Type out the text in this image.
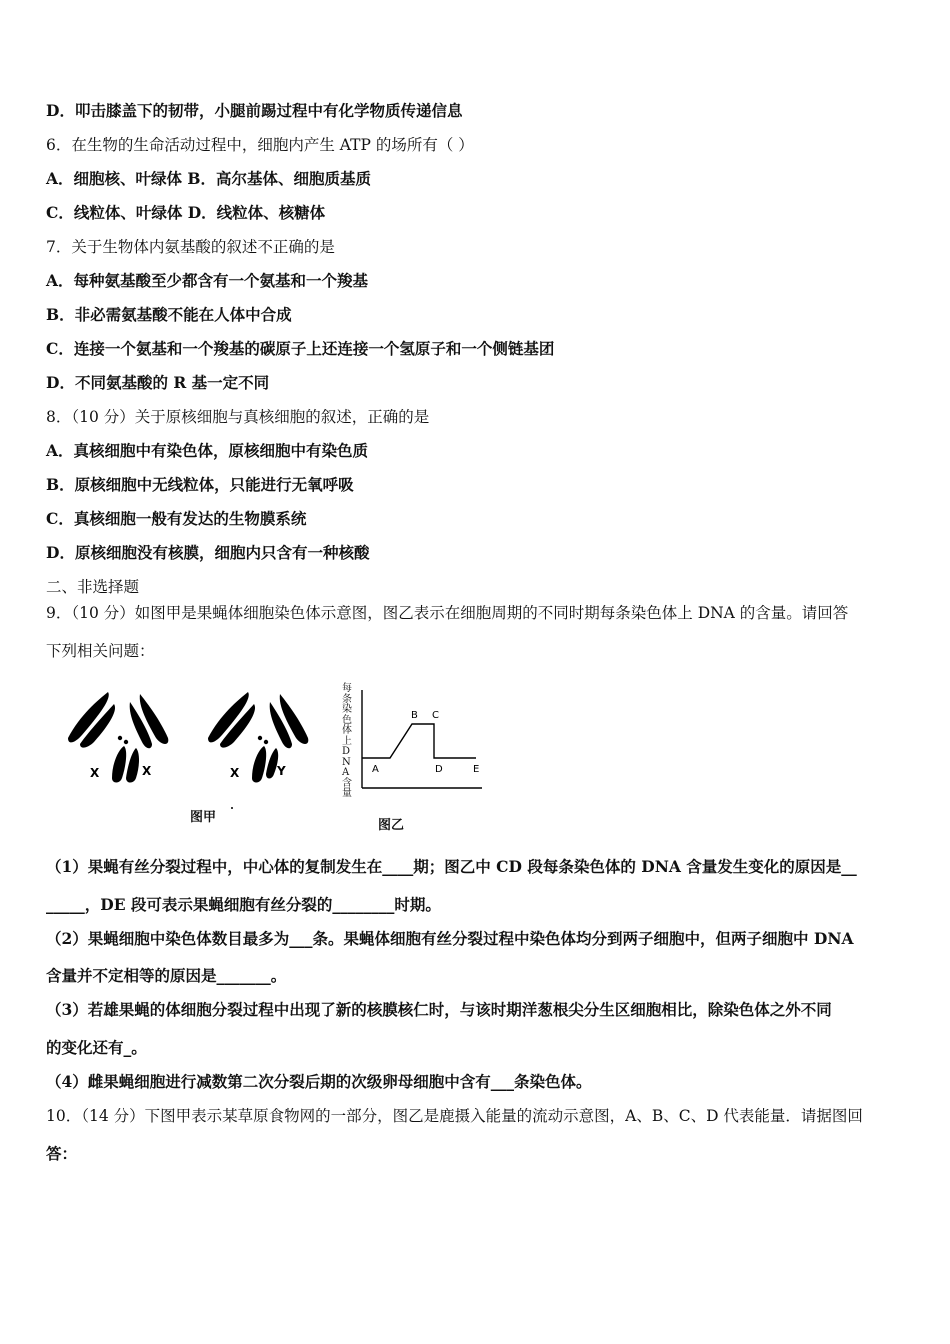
D．叩击膝盖下的韧带，小腿前踢过程中有化学物质传递信息
6．在生物的生命活动过程中，细胞内产生 ATP 的场所有（ ）
A．细胞核、叶绿体 B．高尔基体、细胞质基质
C．线粒体、叶绿体 D．线粒体、核糖体
7．关于生物体内氨基酸的叙述不正确的是
A．每种氨基酸至少都含有一个氨基和一个羧基
B．非必需氨基酸不能在人体中合成
C．连接一个氨基和一个羧基的碳原子上还连接一个氢原子和一个侧链基团
D．不同氨基酸的 R 基一定不同
8．（10 分）关于原核细胞与真核细胞的叙述，正确的是
A．真核细胞中有染色体，原核细胞中有染色质
B．原核细胞中无线粒体，只能进行无氧呼吸
C．真核细胞一般有发达的生物膜系统
D．原核细胞没有核膜，细胞内只含有一种核酸
二、非选择题
9．（10 分）如图甲是果蝇体细胞染色体示意图，图乙表示在细胞周期的不同时期每条染色体上 DNA 的含量。请回答
下列相关问题：
X	X	X	Y	A
B C
D	E
每条染色体上DNA含量
图甲
图乙
（1）果蝇有丝分裂过程中，中心体的复制发生在____期；图乙中 CD 段每条染色体的 DNA 含量发生变化的原因是__
_____，DE 段可表示果蝇细胞有丝分裂的________时期。
（2）果蝇细胞中染色体数目最多为___条。果蝇体细胞有丝分裂过程中染色体均分到两子细胞中，但两子细胞中 DNA
含量并不定相等的原因是_______。
（3）若雄果蝇的体细胞分裂过程中出现了新的核膜核仁时，与该时期洋葱根尖分生区细胞相比，除染色体之外不同
的变化还有_。
（4）雌果蝇细胞进行减数第二次分裂后期的次级卵母细胞中含有___条染色体。
10．（14 分）下图甲表示某草原食物网的一部分，图乙是鹿摄入能量的流动示意图，A、B、C、D 代表能量．请据图回
答：
